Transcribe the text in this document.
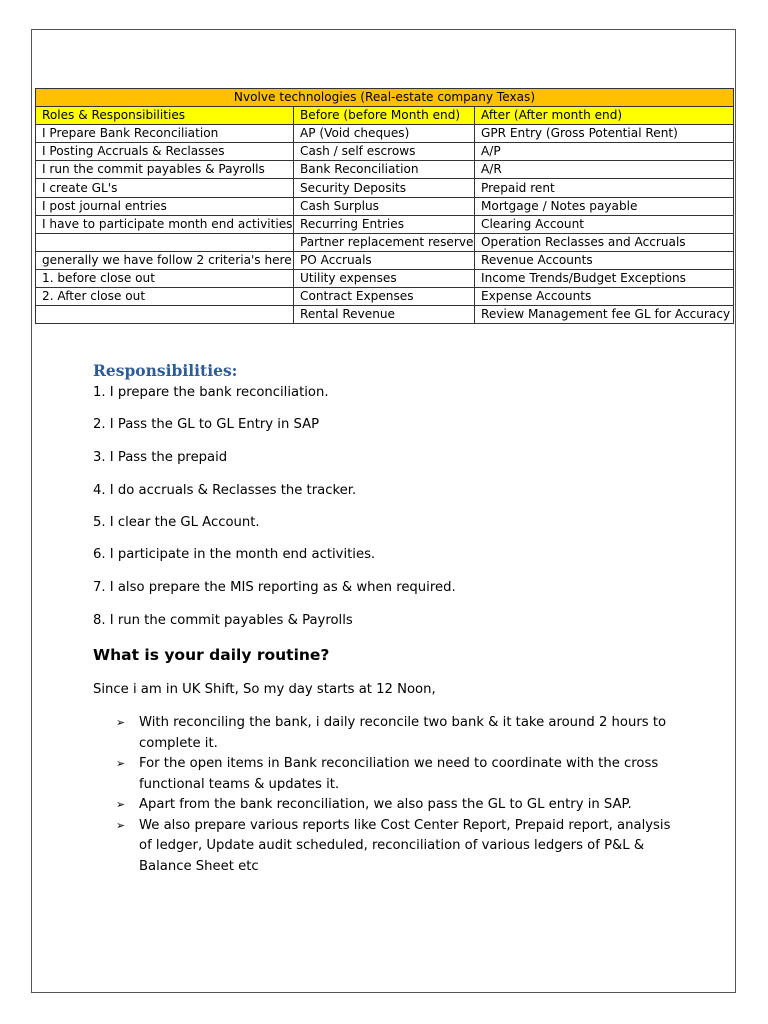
Nvolve technologies (Real-estate company Texas)		
Roles & Responsibilities	Before (before Month end)	After (After month end)
I Prepare Bank Reconciliation	AP (Void cheques)	GPR Entry (Gross Potential Rent)
I Posting Accruals & Reclasses	Cash / self escrows	A/P
I run the commit payables & Payrolls	Bank Reconciliation	A/R
I create GL's	Security Deposits	Prepaid rent
I post journal entries	Cash Surplus	Mortgage / Notes payable
I have to participate month end activities	Recurring Entries	Clearing Account
	Partner replacement reserve	Operation Reclasses and Accruals
generally we have follow 2 criteria's here	PO Accruals	Revenue Accounts
1. before close out	Utility expenses	Income Trends/Budget Exceptions
2. After close out	Contract Expenses	Expense Accounts
	Rental Revenue	Review Management fee GL for Accuracy
Responsibilities:

1. I prepare the bank reconciliation.

2. I Pass the GL to GL Entry in SAP

3. I Pass the prepaid

4. I do accruals & Reclasses the tracker.

5. I clear the GL Account.

6. I participate in the month end activities.

7. I also prepare the MIS reporting as & when required.

8. I run the commit payables & Payrolls

What is your daily routine?

Since i am in UK Shift, So my day starts at 12 Noon,

➢	With reconciling the bank, i daily reconcile two bank & it take around 2 hours to complete it.
➢	For the open items in Bank reconciliation we need to coordinate with the cross functional teams & updates it.
➢	Apart from the bank reconciliation, we also pass the GL to GL entry in SAP.
➢	We also prepare various reports like Cost Center Report, Prepaid report, analysis of ledger, Update audit scheduled, reconciliation of various ledgers of P&L & Balance Sheet etc
